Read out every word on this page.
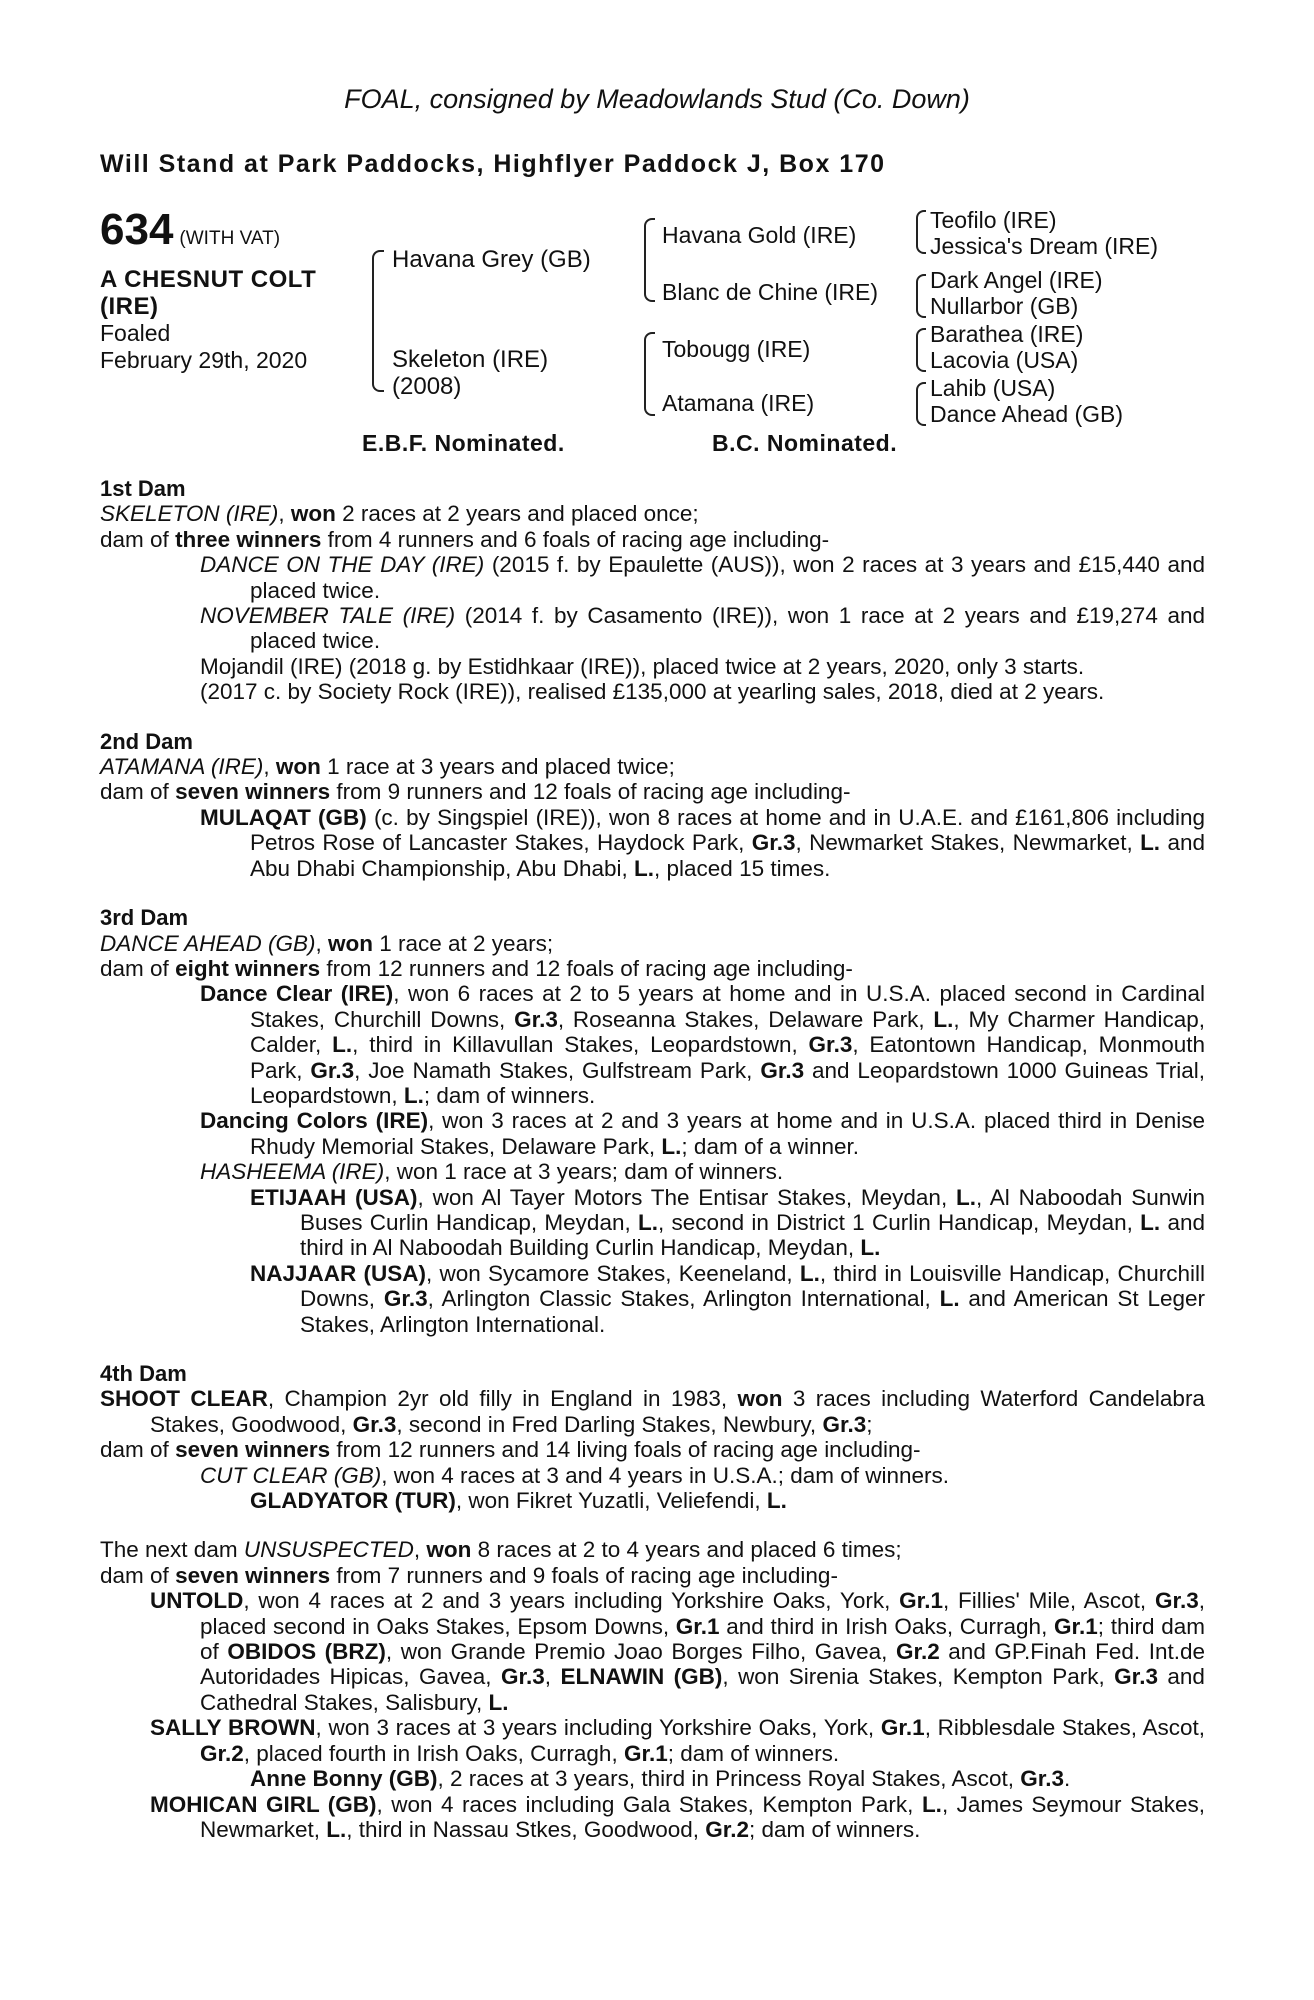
FOAL, consigned by Meadowlands Stud (Co. Down)
Will Stand at Park Paddocks, Highflyer Paddock J, Box 170
634 (WITH VAT)
A CHESNUT COLT
(IRE)
Foaled
February 29th, 2020
Havana Grey (GB)
Skeleton (IRE)
(2008)
Havana Gold (IRE)
Blanc de Chine (IRE)
Tobougg (IRE)
Atamana (IRE)
Teofilo (IRE)
Jessica's Dream (IRE)
Dark Angel (IRE)
Nullarbor (GB)
Barathea (IRE)
Lacovia (USA)
Lahib (USA)
Dance Ahead (GB)
E.B.F. Nominated.	B.C. Nominated.
1st Dam

SKELETON (IRE), won 2 races at 2 years and placed once;

dam of three winners from 4 runners and 6 foals of racing age including-

DANCE ON THE DAY (IRE) (2015 f. by Epaulette (AUS)), won 2 races at 3 years and £15,440 and placed twice.

NOVEMBER TALE (IRE) (2014 f. by Casamento (IRE)), won 1 race at 2 years and £19,274 and placed twice.

Mojandil (IRE) (2018 g. by Estidhkaar (IRE)), placed twice at 2 years, 2020, only 3 starts.

(2017 c. by Society Rock (IRE)), realised £135,000 at yearling sales, 2018, died at 2 years.

2nd Dam

ATAMANA (IRE), won 1 race at 3 years and placed twice;

dam of seven winners from 9 runners and 12 foals of racing age including-

MULAQAT (GB) (c. by Singspiel (IRE)), won 8 races at home and in U.A.E. and £161,806 including Petros Rose of Lancaster Stakes, Haydock Park, Gr.3, Newmarket Stakes, Newmarket, L. and Abu Dhabi Championship, Abu Dhabi, L., placed 15 times.

3rd Dam

DANCE AHEAD (GB), won 1 race at 2 years;

dam of eight winners from 12 runners and 12 foals of racing age including-

Dance Clear (IRE), won 6 races at 2 to 5 years at home and in U.S.A. placed second in Cardinal Stakes, Churchill Downs, Gr.3, Roseanna Stakes, Delaware Park, L., My Charmer Handicap, Calder, L., third in Killavullan Stakes, Leopardstown, Gr.3, Eatontown Handicap, Monmouth Park, Gr.3, Joe Namath Stakes, Gulfstream Park, Gr.3 and Leopardstown 1000 Guineas Trial, Leopardstown, L.; dam of winners.

Dancing Colors (IRE), won 3 races at 2 and 3 years at home and in U.S.A. placed third in Denise Rhudy Memorial Stakes, Delaware Park, L.; dam of a winner.

HASHEEMA (IRE), won 1 race at 3 years; dam of winners.

ETIJAAH (USA), won Al Tayer Motors The Entisar Stakes, Meydan, L., Al Naboodah Sunwin Buses Curlin Handicap, Meydan, L., second in District 1 Curlin Handicap, Meydan, L. and third in Al Naboodah Building Curlin Handicap, Meydan, L.

NAJJAAR (USA), won Sycamore Stakes, Keeneland, L., third in Louisville Handicap, Churchill Downs, Gr.3, Arlington Classic Stakes, Arlington International, L. and American St Leger Stakes, Arlington International.

4th Dam

SHOOT CLEAR, Champion 2yr old filly in England in 1983, won 3 races including Waterford Candelabra Stakes, Goodwood, Gr.3, second in Fred Darling Stakes, Newbury, Gr.3;

dam of seven winners from 12 runners and 14 living foals of racing age including-

CUT CLEAR (GB), won 4 races at 3 and 4 years in U.S.A.; dam of winners.

GLADYATOR (TUR), won Fikret Yuzatli, Veliefendi, L.

The next dam UNSUSPECTED, won 8 races at 2 to 4 years and placed 6 times;

dam of seven winners from 7 runners and 9 foals of racing age including-

UNTOLD, won 4 races at 2 and 3 years including Yorkshire Oaks, York, Gr.1, Fillies' Mile, Ascot, Gr.3, placed second in Oaks Stakes, Epsom Downs, Gr.1 and third in Irish Oaks, Curragh, Gr.1; third dam of OBIDOS (BRZ), won Grande Premio Joao Borges Filho, Gavea, Gr.2 and GP.Finah Fed. Int.de Autoridades Hipicas, Gavea, Gr.3, ELNAWIN (GB), won Sirenia Stakes, Kempton Park, Gr.3 and Cathedral Stakes, Salisbury, L.

SALLY BROWN, won 3 races at 3 years including Yorkshire Oaks, York, Gr.1, Ribblesdale Stakes, Ascot, Gr.2, placed fourth in Irish Oaks, Curragh, Gr.1; dam of winners.

Anne Bonny (GB), 2 races at 3 years, third in Princess Royal Stakes, Ascot, Gr.3.

MOHICAN GIRL (GB), won 4 races including Gala Stakes, Kempton Park, L., James Seymour Stakes, Newmarket, L., third in Nassau Stkes, Goodwood, Gr.2; dam of winners.
